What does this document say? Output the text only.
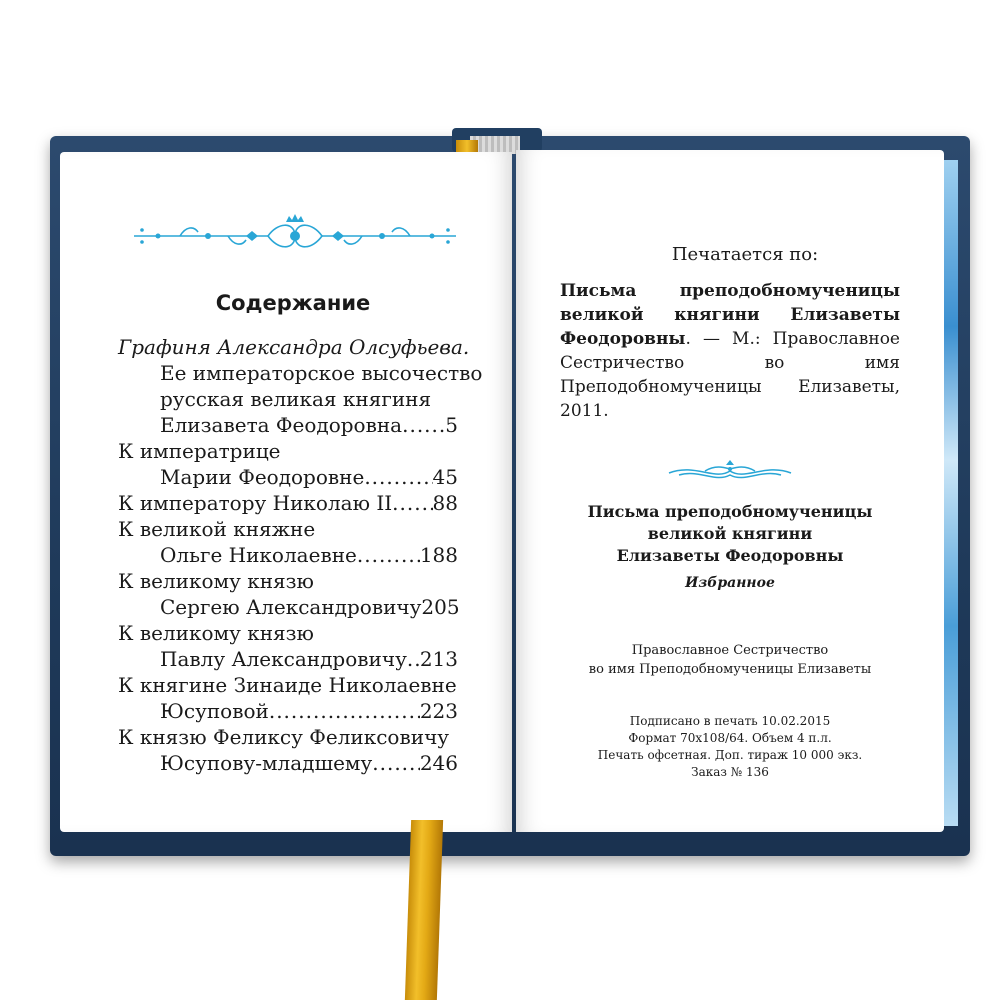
Содержание
Графиня Александра Олсуфьева.
Ее императорское высочество
русская великая княгиня
Елизавета Феодоровна ..... 5
К императрице
Марии Феодоровне .....	45
К императору Николаю II ..... 88
К великой княжне
Ольге Николаевне .....	188
К великому князю
Сергею Александровичу 205
К великому князю
Павлу Александровичу ..... 213
К княгине Зинаиде Николаевне
Юсуповой .....	223
К князю Феликсу Феликсовичу
Юсупову-младшему ..... 246
Печатается по:
Письма преподобномученицы великой княгини Елизаветы Феодоровны. — М.: Православное Сестричество во имя Преподобномученицы Елизаветы, 2011.
Письма преподобномученицы
великой княгини
Елизаветы Феодоровны
Избранное
Православное Сестричество
во имя Преподобномученицы Елизаветы
Подписано в печать 10.02.2015
Формат 70x108/64. Объем 4 п.л.
Печать офсетная. Доп. тираж 10 000 экз.
Заказ № 136
